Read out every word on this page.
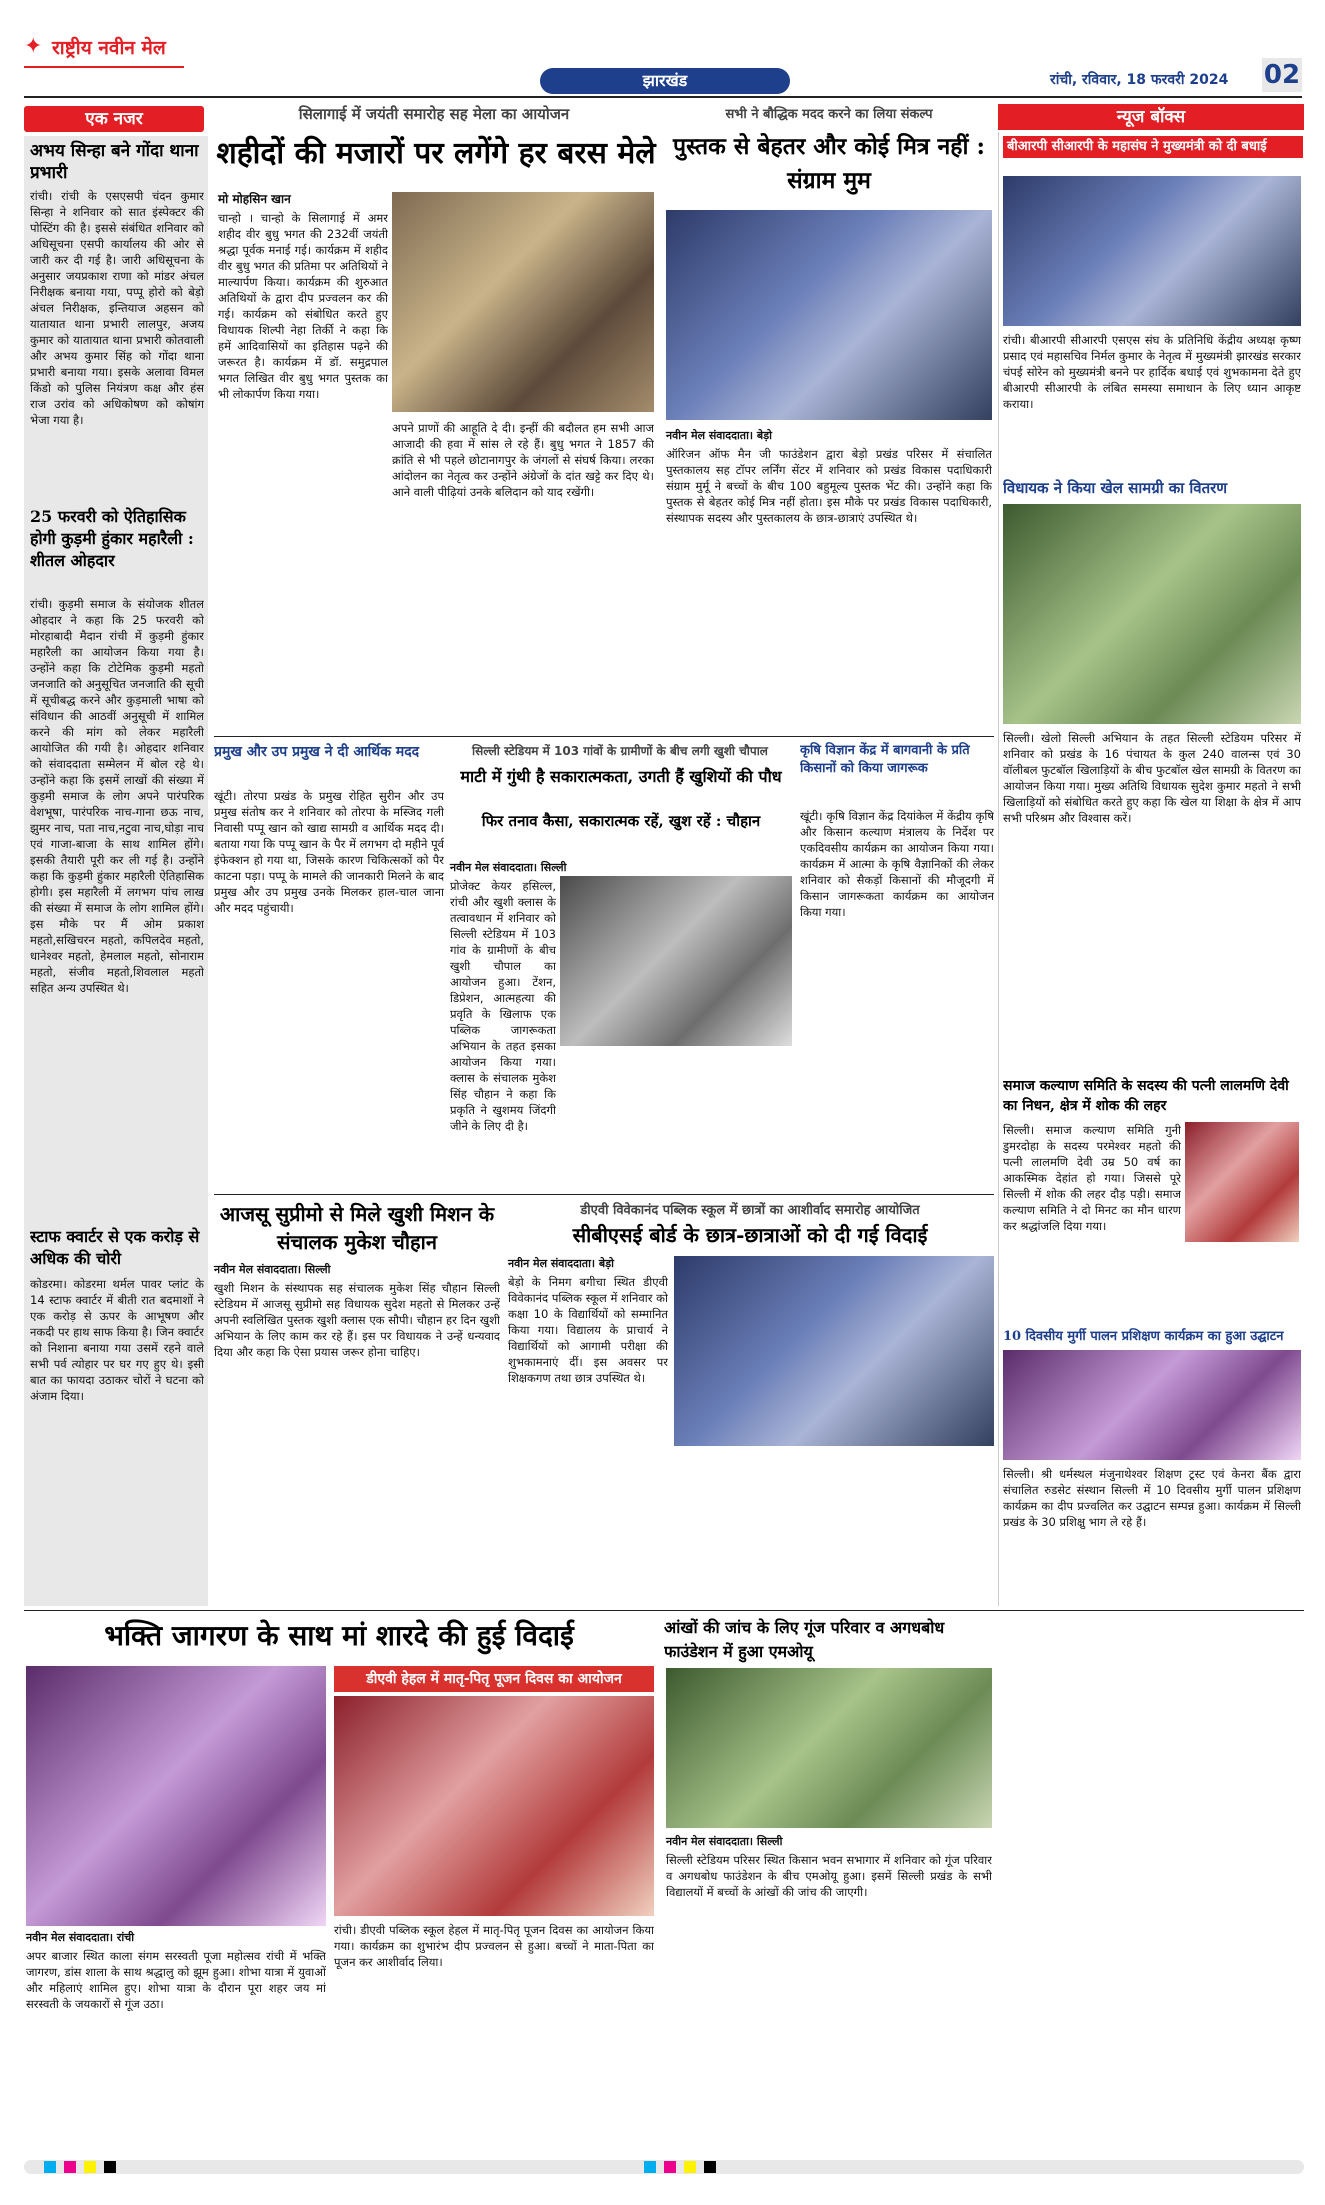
✦ राष्ट्रीय नवीन मेल
झारखंड	रांची, रविवार, 18 फरवरी 2024 02
एक नजर
अभय सिन्हा बने गोंदा थाना प्रभारी
रांची। रांची के एसएसपी चंदन कुमार सिन्हा ने शनिवार को सात इंस्पेक्टर की पोस्टिंग की है। इससे संबंधित शनिवार को अधिसूचना एसपी कार्यालय की ओर से जारी कर दी गई है। जारी अधिसूचना के अनुसार जयप्रकाश राणा को मांडर अंचल निरीक्षक बनाया गया, पप्पू होरो को बेड़ो अंचल निरीक्षक, इन्तियाज अहसन को यातायात थाना प्रभारी लालपुर, अजय कुमार को यातायात थाना प्रभारी कोतवाली और अभय कुमार सिंह को गोंदा थाना प्रभारी बनाया गया। इसके अलावा विमल किंडो को पुलिस नियंत्रण कक्ष और हंस राज उरांव को अधिकोषण को कोषांग भेजा गया है।
25 फरवरी को ऐतिहासिक होगी कुड़मी हुंकार महारैली : शीतल ओहदार
रांची। कुड़मी समाज के संयोजक शीतल ओहदार ने कहा कि 25 फरवरी को मोरहाबादी मैदान रांची में कुड़मी हुंकार महारैली का आयोजन किया गया है। उन्होंने कहा कि टोटेमिक कुड़मी महतो जनजाति को अनुसूचित जनजाति की सूची में सूचीबद्ध करने और कुड़माली भाषा को संविधान की आठवीं अनुसूची में शामिल करने की मांग को लेकर महारैली आयोजित की गयी है। ओहदार शनिवार को संवाददाता सम्मेलन में बोल रहे थे। उन्होंने कहा कि इसमें लाखों की संख्या में कुड़मी समाज के लोग अपने पारंपरिक वेशभूषा, पारंपरिक नाच-गाना छऊ नाच, झुमर नाच, पता नाच,नटुवा नाच,घोड़ा नाच एवं गाजा-बाजा के साथ शामिल होंगे। इसकी तैयारी पूरी कर ली गई है। उन्होंने कहा कि कुड़मी हुंकार महारैली ऐतिहासिक होगी। इस महारैली में लगभग पांच लाख की संख्या में समाज के लोग शामिल होंगे। इस मौके पर मैं ओम प्रकाश महतो,सखिचरन महतो, कपिलदेव महतो, धानेश्वर महतो, हेमलाल महतो, सोनाराम महतो, संजीव महतो,शिवलाल महतो सहित अन्य उपस्थित थे।
स्टाफ क्वार्टर से एक करोड़ से अधिक की चोरी
कोडरमा। कोडरमा थर्मल पावर प्लांट के 14 स्टाफ क्वार्टर में बीती रात बदमाशों ने एक करोड़ से ऊपर के आभूषण और नकदी पर हाथ साफ किया है। जिन क्वार्टर को निशाना बनाया गया उसमें रहने वाले सभी पर्व त्योहार पर घर गए हुए थे। इसी बात का फायदा उठाकर चोरों ने घटना को अंजाम दिया।
सिलागाई में जयंती समारोह सह मेला का आयोजन
शहीदों की मजारों पर लगेंगे हर बरस मेले
मो मोहसिन खान
चान्हो । चान्हो के सिलागाई में अमर शहीद वीर बुधु भगत की 232वीं जयंती श्रद्धा पूर्वक मनाई गई। कार्यक्रम में शहीद वीर बुधु भगत की प्रतिमा पर अतिथियों ने माल्यार्पण किया। कार्यक्रम की शुरुआत अतिथियों के द्वारा दीप प्रज्वलन कर की गई। कार्यक्रम को संबोधित करते हुए विधायक शिल्पी नेहा तिर्की ने कहा कि हमें आदिवासियों का इतिहास पढ़ने की जरूरत है। कार्यक्रम में डॉ. समुद्रपाल भगत लिखित वीर बुधु भगत पुस्तक का भी लोकार्पण किया गया।
अपने प्राणों की आहूति दे दी। इन्हीं की बदौलत हम सभी आज आजादी की हवा में सांस ले रहे हैं। बुधु भगत ने 1857 की क्रांति से भी पहले छोटानागपुर के जंगलों से संघर्ष किया। लरका आंदोलन का नेतृत्व कर उन्होंने अंग्रेजों के दांत खट्टे कर दिए थे। आने वाली पीढ़ियां उनके बलिदान को याद रखेंगी।
सभी ने बौद्धिक मदद करने का लिया संकल्प
पुस्तक से बेहतर और कोई मित्र नहीं : संग्राम मुम
नवीन मेल संवाददाता। बेड़ो
ऑरिजन ऑफ मैन जी फाउंडेशन द्वारा बेड़ो प्रखंड परिसर में संचालित पुस्तकालय सह टॉपर लर्निंग सेंटर में शनिवार को प्रखंड विकास पदाधिकारी संग्राम मुर्मू ने बच्चों के बीच 100 बहुमूल्य पुस्तक भेंट की। उन्होंने कहा कि पुस्तक से बेहतर कोई मित्र नहीं होता। इस मौके पर प्रखंड विकास पदाधिकारी, संस्थापक सदस्य और पुस्तकालय के छात्र-छात्राएं उपस्थित थे।
न्यूज बॉक्स
बीआरपी सीआरपी के महासंघ ने मुख्यमंत्री को दी बधाई
रांची। बीआरपी सीआरपी एसएस संघ के प्रतिनिधि केंद्रीय अध्यक्ष कृष्ण प्रसाद एवं महासचिव निर्मल कुमार के नेतृत्व में मुख्यमंत्री झारखंड सरकार चंपई सोरेन को मुख्यमंत्री बनने पर हार्दिक बधाई एवं शुभकामना देते हुए बीआरपी सीआरपी के लंबित समस्या समाधान के लिए ध्यान आकृष्ट कराया।
विधायक ने किया खेल सामग्री का वितरण
सिल्ली। खेलो सिल्ली अभियान के तहत सिल्ली स्टेडियम परिसर में शनिवार को प्रखंड के 16 पंचायत के कुल 240 वालन्स एवं 30 वॉलीबल फुटबॉल खिलाड़ियों के बीच फुटबॉल खेल सामग्री के वितरण का आयोजन किया गया। मुख्य अतिथि विधायक सुदेश कुमार महतो ने सभी खिलाड़ियों को संबोधित करते हुए कहा कि खेल या शिक्षा के क्षेत्र में आप सभी परिश्रम और विश्वास करें।
समाज कल्याण समिति के सदस्य की पत्नी लालमणि देवी का निधन, क्षेत्र में शोक की लहर
सिल्ली। समाज कल्याण समिति गुनी डुमरदोहा के सदस्य परमेश्वर महतो की पत्नी लालमणि देवी उम्र 50 वर्ष का आकस्मिक देहांत हो गया। जिससे पूरे सिल्ली में शोक की लहर दौड़ पड़ी। समाज कल्याण समिति ने दो मिनट का मौन धारण कर श्रद्धांजलि दिया गया।
10 दिवसीय मुर्गी पालन प्रशिक्षण कार्यक्रम का हुआ उद्घाटन
सिल्ली। श्री धर्मस्थल मंजुनाथेश्वर शिक्षण ट्रस्ट एवं केनरा बैंक द्वारा संचालित रुडसेट संस्थान सिल्ली में 10 दिवसीय मुर्गी पालन प्रशिक्षण कार्यक्रम का दीप प्रज्वलित कर उद्घाटन सम्पन्न हुआ। कार्यक्रम में सिल्ली प्रखंड के 30 प्रशिक्षु भाग ले रहे हैं।
प्रमुख और उप प्रमुख ने दी आर्थिक मदद
खूंटी। तोरपा प्रखंड के प्रमुख रोहित सुरीन और उप प्रमुख संतोष कर ने शनिवार को तोरपा के मस्जिद गली निवासी पप्पू खान को खाद्य सामग्री व आर्थिक मदद दी। बताया गया कि पप्पू खान के पैर में लगभग दो महीने पूर्व इंफेक्शन हो गया था, जिसके कारण चिकित्सकों को पैर काटना पड़ा। पप्पू के मामले की जानकारी मिलने के बाद प्रमुख और उप प्रमुख उनके मिलकर हाल-चाल जाना और मदद पहुंचायी।
सिल्ली स्टेडियम में 103 गांवों के ग्रामीणों के बीच लगी खुशी चौपाल
माटी में गुंथी है सकारात्मकता, उगती हैं खुशियों की पौध
फिर तनाव कैसा, सकारात्मक रहें, खुश रहें : चौहान
नवीन मेल संवाददाता। सिल्ली
प्रोजेक्ट केयर हसिल्ल, रांची और खुशी क्लास के तत्वावधान में शनिवार को सिल्ली स्टेडियम में 103 गांव के ग्रामीणों के बीच खुशी चौपाल का आयोजन हुआ। टेंशन, डिप्रेशन, आत्महत्या की प्रवृति के खिलाफ एक पब्लिक जागरूकता अभियान के तहत इसका आयोजन किया गया। क्लास के संचालक मुकेश सिंह चौहान ने कहा कि प्रकृति ने खुशमय जिंदगी जीने के लिए दी है।
कृषि विज्ञान केंद्र में बागवानी के प्रति किसानों को किया जागरूक
खूंटी। कृषि विज्ञान केंद्र दियांकेल में केंद्रीय कृषि और किसान कल्याण मंत्रालय के निर्देश पर एकदिवसीय कार्यक्रम का आयोजन किया गया। कार्यक्रम में आत्मा के कृषि वैज्ञानिकों की लेकर शनिवार को सैकड़ों किसानों की मौजूदगी में किसान जागरूकता कार्यक्रम का आयोजन किया गया।
आजसू सुप्रीमो से मिले खुशी मिशन के संचालक मुकेश चौहान
नवीन मेल संवाददाता। सिल्ली
खुशी मिशन के संस्थापक सह संचालक मुकेश सिंह चौहान सिल्ली स्टेडियम में आजसू सुप्रीमो सह विधायक सुदेश महतो से मिलकर उन्हें अपनी स्वलिखित पुस्तक खुशी क्लास एक सौपी। चौहान हर दिन खुशी अभियान के लिए काम कर रहे हैं। इस पर विधायक ने उन्हें धन्यवाद दिया और कहा कि ऐसा प्रयास जरूर होना चाहिए।
डीएवी विवेकानंद पब्लिक स्कूल में छात्रों का आशीर्वाद समारोह आयोजित
सीबीएसई बोर्ड के छात्र-छात्राओं को दी गई विदाई
नवीन मेल संवाददाता। बेड़ो
बेड़ो के निमग बगीचा स्थित डीएवी विवेकानंद पब्लिक स्कूल में शनिवार को कक्षा 10 के विद्यार्थियों को सम्मानित किया गया। विद्यालय के प्राचार्य ने विद्यार्थियों को आगामी परीक्षा की शुभकामनाएं दीं। इस अवसर पर शिक्षकगण तथा छात्र उपस्थित थे।
भक्ति जागरण के साथ मां शारदे की हुई विदाई
नवीन मेल संवाददाता। रांची
अपर बाजार स्थित काला संगम सरस्वती पूजा महोत्सव रांची में भक्ति जागरण, डांस शाला के साथ श्रद्धालु को झूम हुआ। शोभा यात्रा में युवाओं और महिलाएं शामिल हुए। शोभा यात्रा के दौरान पूरा शहर जय मां सरस्वती के जयकारों से गूंज उठा।
डीएवी हेहल में मातृ-पितृ पूजन दिवस का आयोजन
रांची। डीएवी पब्लिक स्कूल हेहल में मातृ-पितृ पूजन दिवस का आयोजन किया गया। कार्यक्रम का शुभारंभ दीप प्रज्वलन से हुआ। बच्चों ने माता-पिता का पूजन कर आशीर्वाद लिया।
आंखों की जांच के लिए गूंज परिवार व अगधबोध फाउंडेशन में हुआ एमओयू
नवीन मेल संवाददाता। सिल्ली
सिल्ली स्टेडियम परिसर स्थित किसान भवन सभागार में शनिवार को गूंज परिवार व अगधबोध फाउंडेशन के बीच एमओयू हुआ। इसमें सिल्ली प्रखंड के सभी विद्यालयों में बच्चों के आंखों की जांच की जाएगी।
